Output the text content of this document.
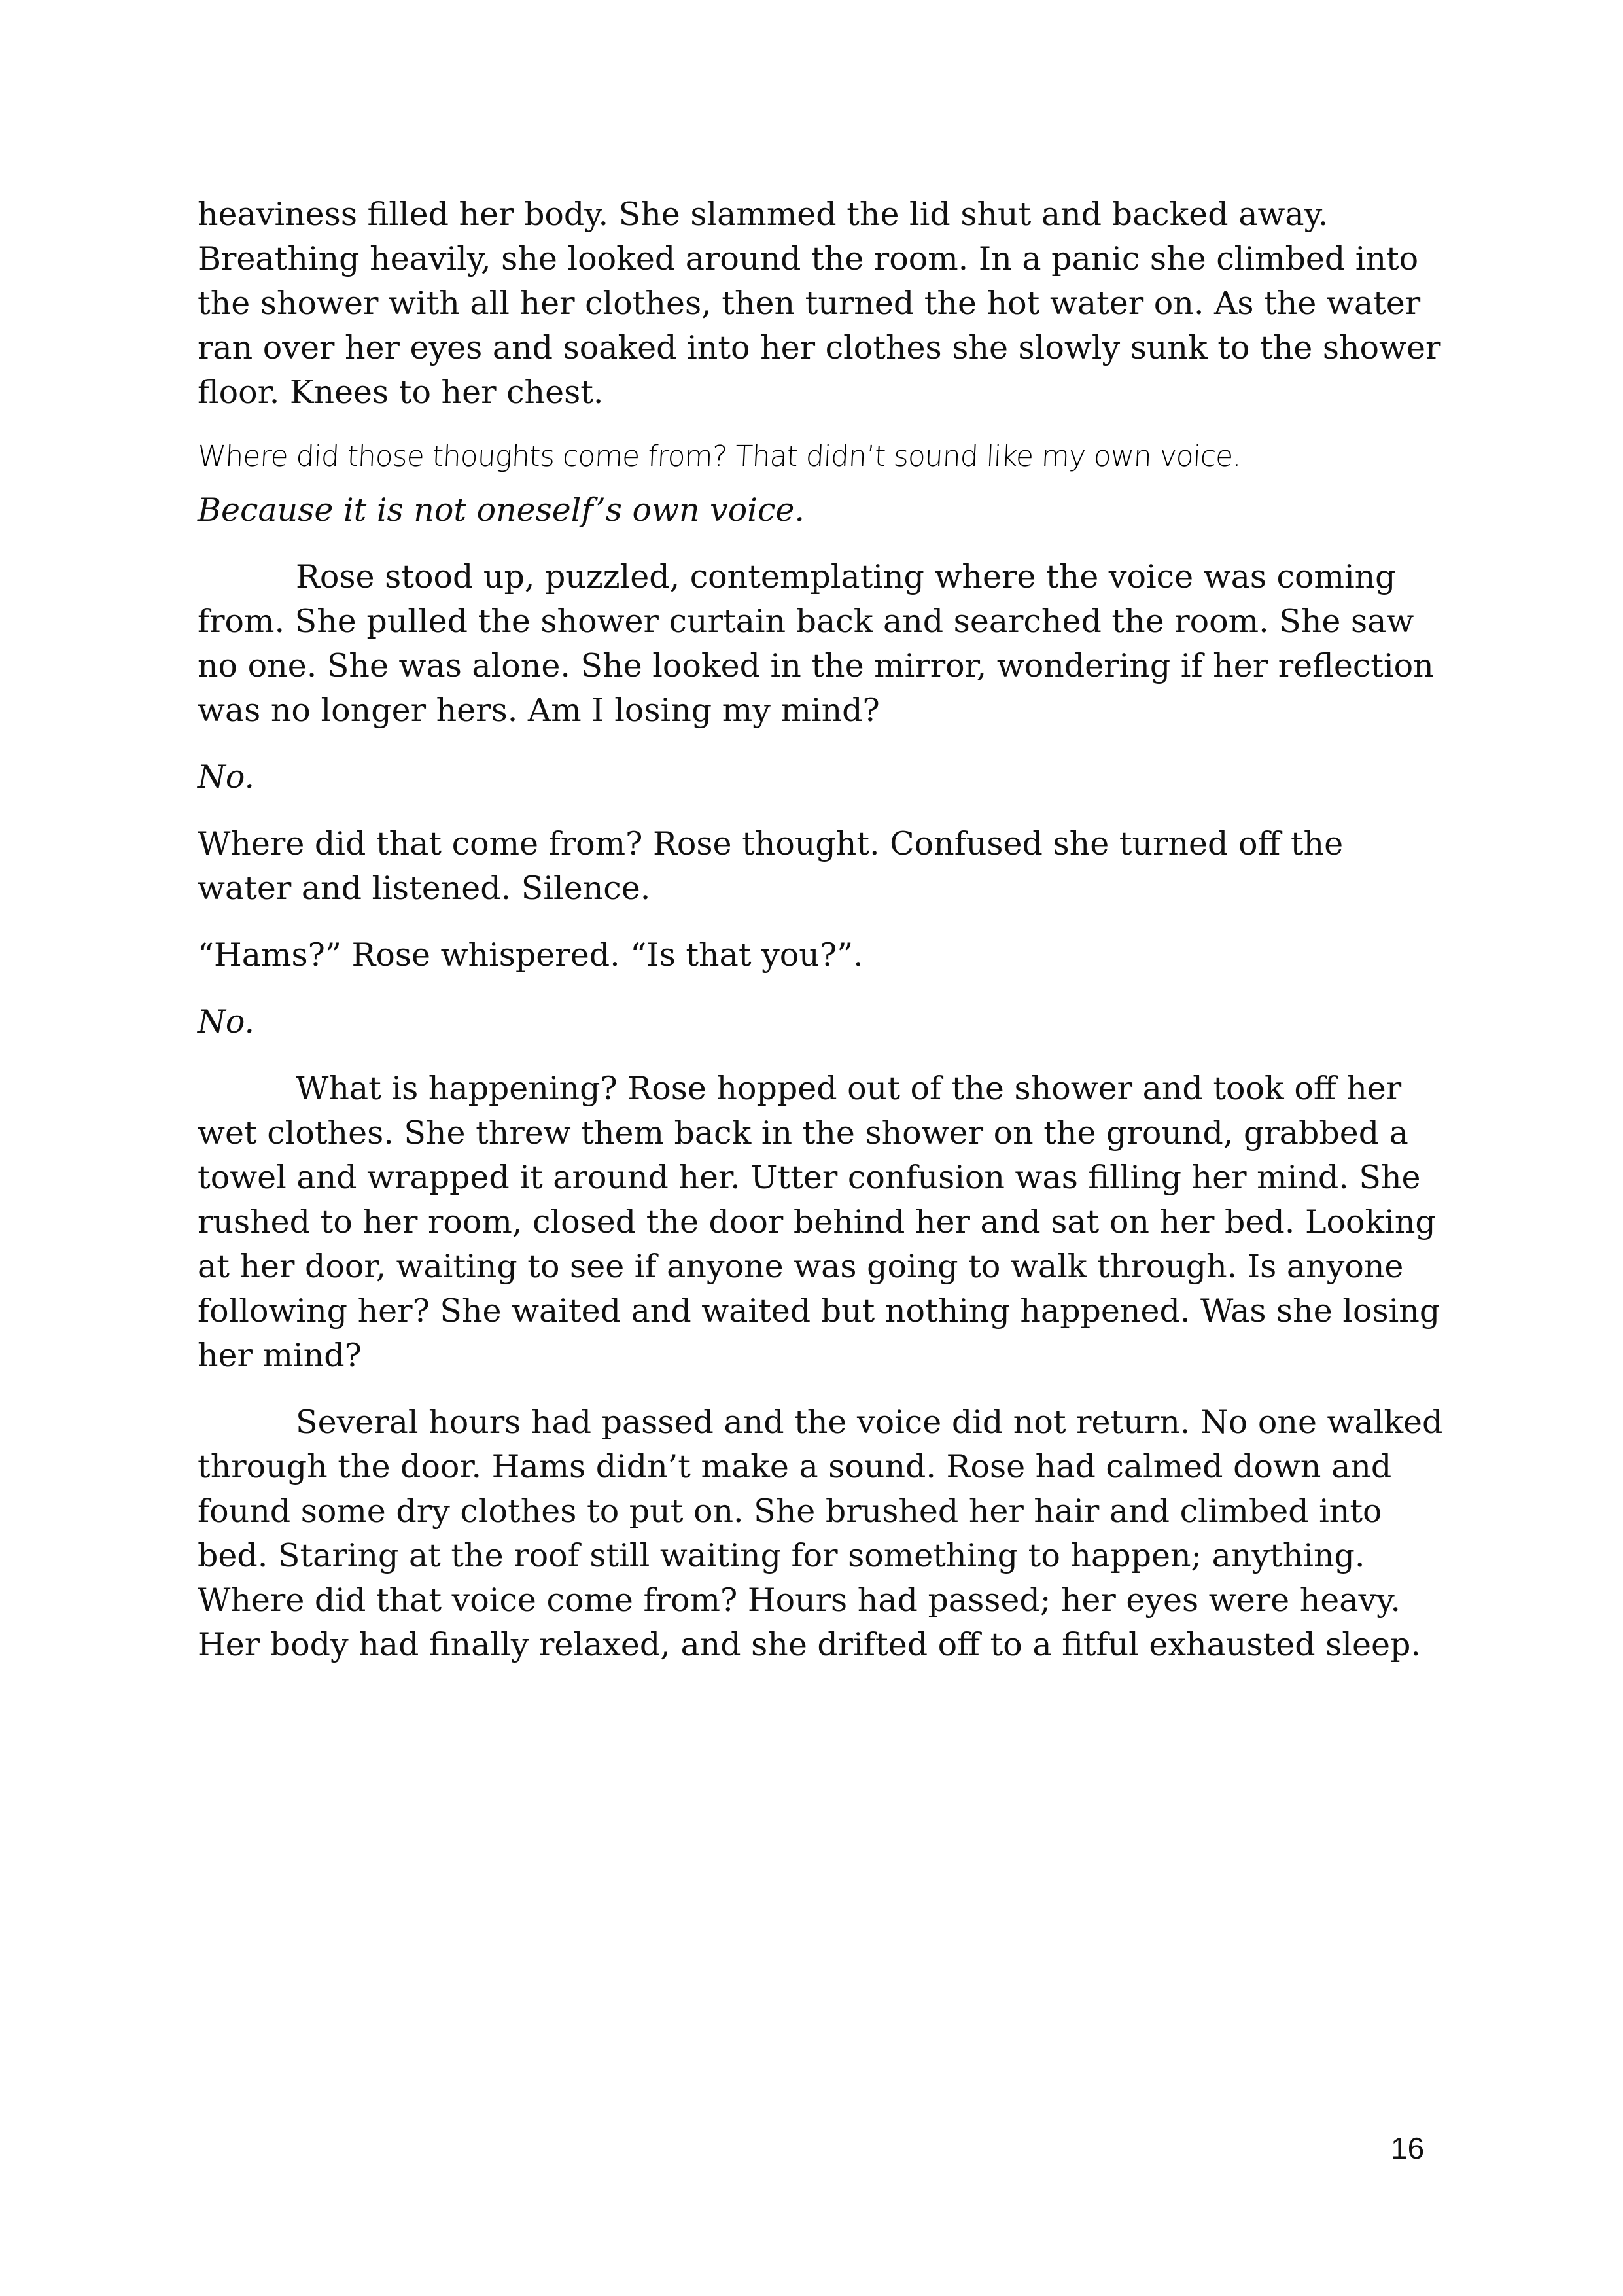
heaviness filled her body. She slammed the lid shut and backed away. Breathing heavily, she looked around the room. In a panic she climbed into the shower with all her clothes, then turned the hot water on. As the water ran over her eyes and soaked into her clothes she slowly sunk to the shower floor. Knees to her chest.

Where did those thoughts come from? That didn’t sound like my own voice.

Because it is not oneself’s own voice.

Rose stood up, puzzled, contemplating where the voice was coming from. She pulled the shower curtain back and searched the room. She saw no one. She was alone. She looked in the mirror, wondering if her reflection was no longer hers. Am I losing my mind?

No.

Where did that come from? Rose thought. Confused she turned off the water and listened. Silence.

“Hams?” Rose whispered. “Is that you?”.

No.

What is happening? Rose hopped out of the shower and took off her wet clothes. She threw them back in the shower on the ground, grabbed a towel and wrapped it around her. Utter confusion was filling her mind. She rushed to her room, closed the door behind her and sat on her bed. Looking at her door, waiting to see if anyone was going to walk through. Is anyone following her? She waited and waited but nothing happened. Was she losing her mind?

Several hours had passed and the voice did not return. No one walked through the door. Hams didn’t make a sound. Rose had calmed down and found some dry clothes to put on. She brushed her hair and climbed into bed. Staring at the roof still waiting for something to happen; anything. Where did that voice come from? Hours had passed; her eyes were heavy. Her body had finally relaxed, and she drifted off to a fitful exhausted sleep.

16
